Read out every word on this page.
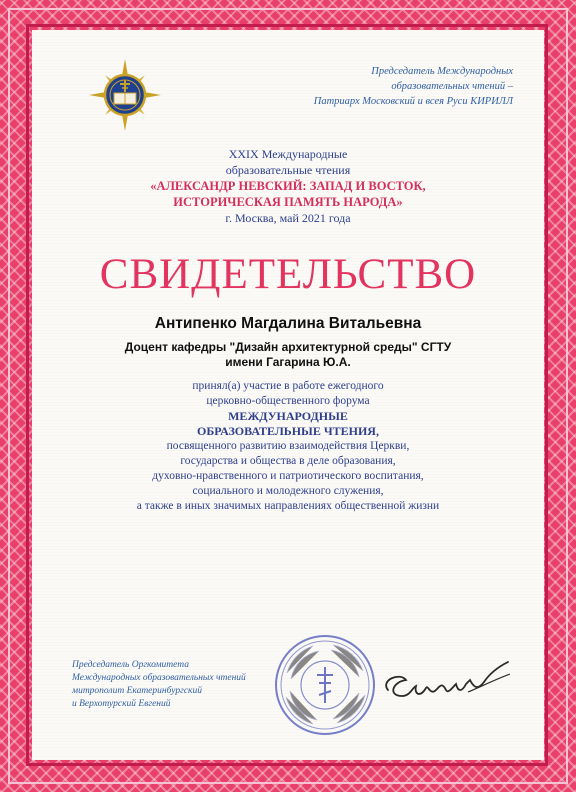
Председатель Международных
образовательных чтений –
Патриарх Московский и всея Руси КИРИЛЛ
XXIX Международные
образовательные чтения
«АЛЕКСАНДР НЕВСКИЙ: ЗАПАД И ВОСТОК,
ИСТОРИЧЕСКАЯ ПАМЯТЬ НАРОДА»
г. Москва, май 2021 года
СВИДЕТЕЛЬСТВО
Антипенко Магдалина Витальевна
Доцент кафедры "Дизайн архитектурной среды" СГТУ
имени Гагарина Ю.А.
принял(а) участие в работе ежегодного
церковно-общественного форума
МЕЖДУНАРОДНЫЕ
ОБРАЗОВАТЕЛЬНЫЕ ЧТЕНИЯ,
посвященного развитию взаимодействия Церкви,
государства и общества в деле образования,
духовно-нравственного и патриотического воспитания,
социального и молодежного служения,
а также в иных значимых направлениях общественной жизни
Председатель Оргкомитета
Международных образовательных чтений
митрополит Екатеринбургский
и Верхотурский Евгений
